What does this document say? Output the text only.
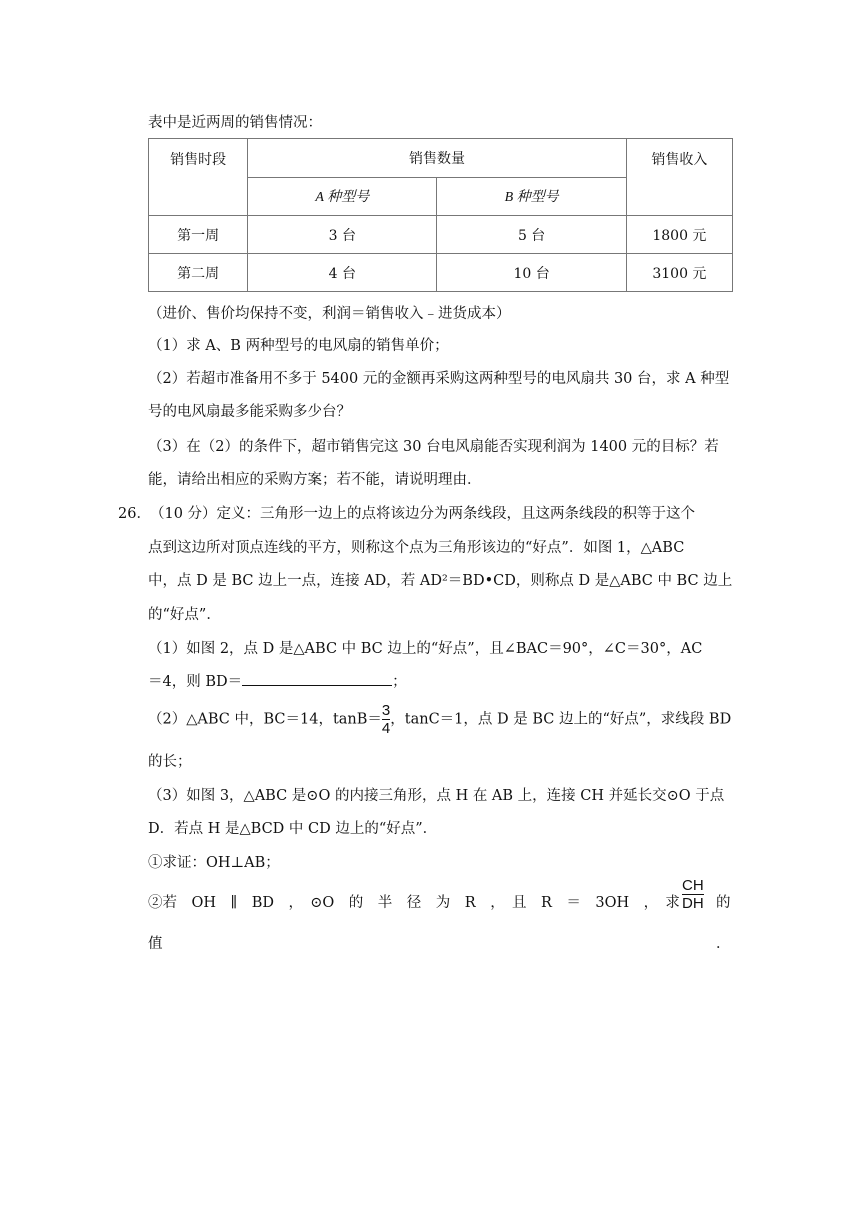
表中是近两周的销售情况：
销售时段	销售数量		销售收入
	A 种型号	B 种型号	
第一周	3 台	5 台	1800 元
第二周	4 台	10 台	3100 元
（进价、售价均保持不变，利润＝销售收入﹣进货成本）
（1）求 A、B 两种型号的电风扇的销售单价；
（2）若超市准备用不多于 5400 元的金额再采购这两种型号的电风扇共 30 台，求 A 种型
号的电风扇最多能采购多少台？
（3）在（2）的条件下，超市销售完这 30 台电风扇能否实现利润为 1400 元的目标？若
能，请给出相应的采购方案；若不能，请说明理由．
26． （10 分）定义：三角形一边上的点将该边分为两条线段，且这两条线段的积等于这个
点到这边所对顶点连线的平方，则称这个点为三角形该边的“好点”．如图 1，△ABC
中，点 D 是 BC 边上一点，连接 AD，若 AD²＝BD•CD，则称点 D 是△ABC 中 BC 边上
的“好点”．
（1）如图 2，点 D 是△ABC 中 BC 边上的“好点”，且∠BAC＝90°，∠C＝30°，AC
＝4，则 BD＝	；
（2）△ABC 中，BC＝14，$\tan B= \frac{3}{4}$ ，tanC＝1，点 D 是 BC 边上的“好点”，求线段 BD
的长；
（3）如图 3，△ABC 是⊙O 的内接三角形，点 H 在 AB 上，连接 CH 并延长交⊙O 于点
D．若点 H 是△BCD 中 CD 边上的“好点”．
①求证：OH⊥AB；
②若　OH　∥　BD　，　⊙O　的　半　径　为　R　，　且　R　＝　3OH　，　求 $\frac{CH}{DH}$ 的
值	．
